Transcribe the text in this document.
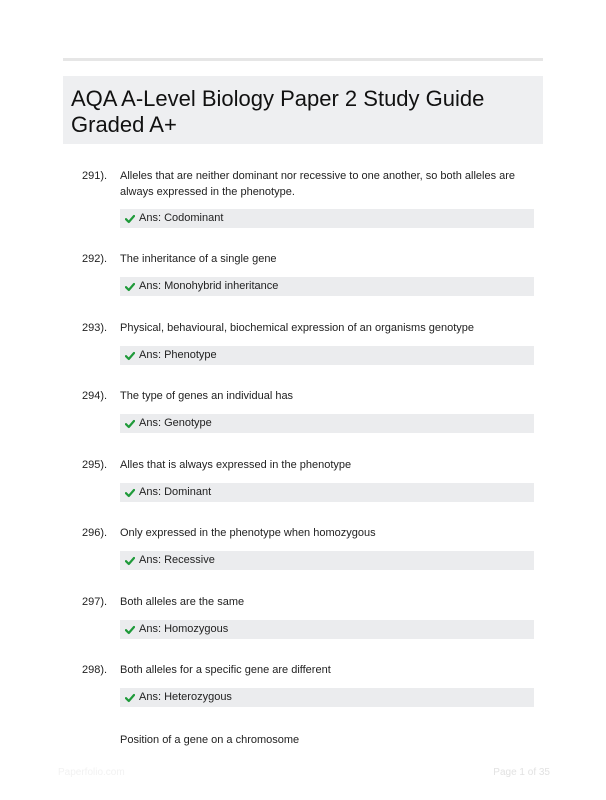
AQA A-Level Biology Paper 2 Study Guide Graded A+
291). Alleles that are neither dominant nor recessive to one another, so both alleles are always expressed in the phenotype.
Ans: Codominant
292). The inheritance of a single gene
Ans: Monohybrid inheritance
293). Physical, behavioural, biochemical expression of an organisms genotype
Ans: Phenotype
294). The type of genes an individual has
Ans: Genotype
295). Alles that is always expressed in the phenotype
Ans: Dominant
296). Only expressed in the phenotype when homozygous
Ans: Recessive
297). Both alleles are the same
Ans: Homozygous
298). Both alleles for a specific gene are different
Ans: Heterozygous
Position of a gene on a chromosome
Paperfolio.com	Page 1 of 35
